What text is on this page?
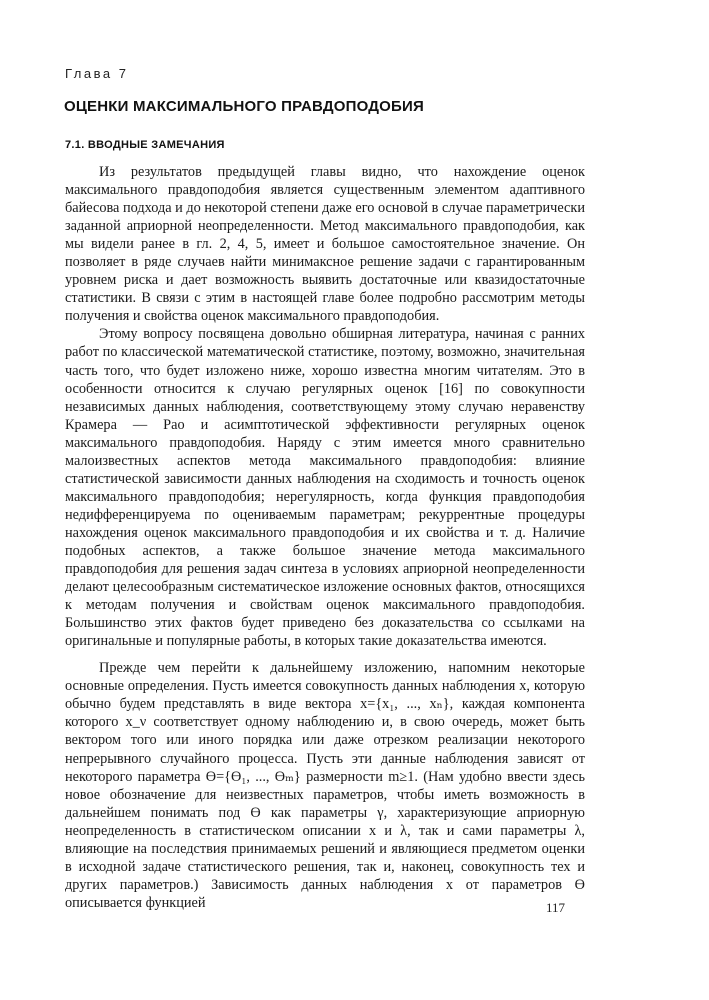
Глава 7
ОЦЕНКИ МАКСИМАЛЬНОГО ПРАВДОПОДОБИЯ
7.1. ВВОДНЫЕ ЗАМЕЧАНИЯ

Из результатов предыдущей главы видно, что нахождение оценок максимального правдоподобия является существенным элементом адаптивного байесова подхода и до некоторой степени даже его основой в случае параметрически заданной априорной неопределенности. Метод максимального правдоподобия, как мы видели ранее в гл. 2, 4, 5, имеет и большое самостоятельное значение. Он позволяет в ряде случаев найти минимаксное решение задачи с гарантированным уровнем риска и дает возможность выявить достаточные или квазидостаточные статистики. В связи с этим в настоящей главе более подробно рассмотрим методы получения и свойства оценок максимального правдоподобия.

Этому вопросу посвящена довольно обширная литература, начиная с ранних работ по классической математической статистике, поэтому, возможно, значительная часть того, что будет изложено ниже, хорошо известна многим читателям. Это в особенности относится к случаю регулярных оценок [16] по совокупности независимых данных наблюдения, соответствующему этому случаю неравенству Крамера — Рао и асимптотической эффективности регулярных оценок максимального правдоподобия. Наряду с этим имеется много сравнительно малоизвестных аспектов метода максимального правдоподобия: влияние статистической зависимости данных наблюдения на сходимость и точность оценок максимального правдоподобия; нерегулярность, когда функция правдоподобия недифференцируема по оцениваемым параметрам; рекуррентные процедуры нахождения оценок максимального правдоподобия и их свойства и т. д. Наличие подобных аспектов, а также большое значение метода максимального правдоподобия для решения задач синтеза в условиях априорной неопределенности делают целесообразным систематическое изложение основных фактов, относящихся к методам получения и свойствам оценок максимального правдоподобия. Большинство этих фактов будет приведено без доказательства со ссылками на оригинальные и популярные работы, в которых такие доказательства имеются.

Прежде чем перейти к дальнейшему изложению, напомним некоторые основные определения. Пусть имеется совокупность данных наблюдения x, которую обычно будем представлять в виде вектора x={x₁, ..., xₙ}, каждая компонента которого x_ν соответствует одному наблюдению и, в свою очередь, может быть вектором того или иного порядка или даже отрезком реализации некоторого непрерывного случайного процесса. Пусть эти данные наблюдения зависят от некоторого параметра ϴ={ϴ₁, ..., ϴₘ} размерности m≥1. (Нам удобно ввести здесь новое обозначение для неизвестных параметров, чтобы иметь возможность в дальнейшем понимать под ϴ как параметры γ, характеризующие априорную неопределенность в статистическом описании x и λ, так и сами параметры λ, влияющие на последствия принимаемых решений и являющиеся предметом оценки в исходной задаче статистического решения, так и, наконец, совокупность тех и других параметров.) Зависимость данных наблюдения x от параметров ϴ описывается функцией	117
